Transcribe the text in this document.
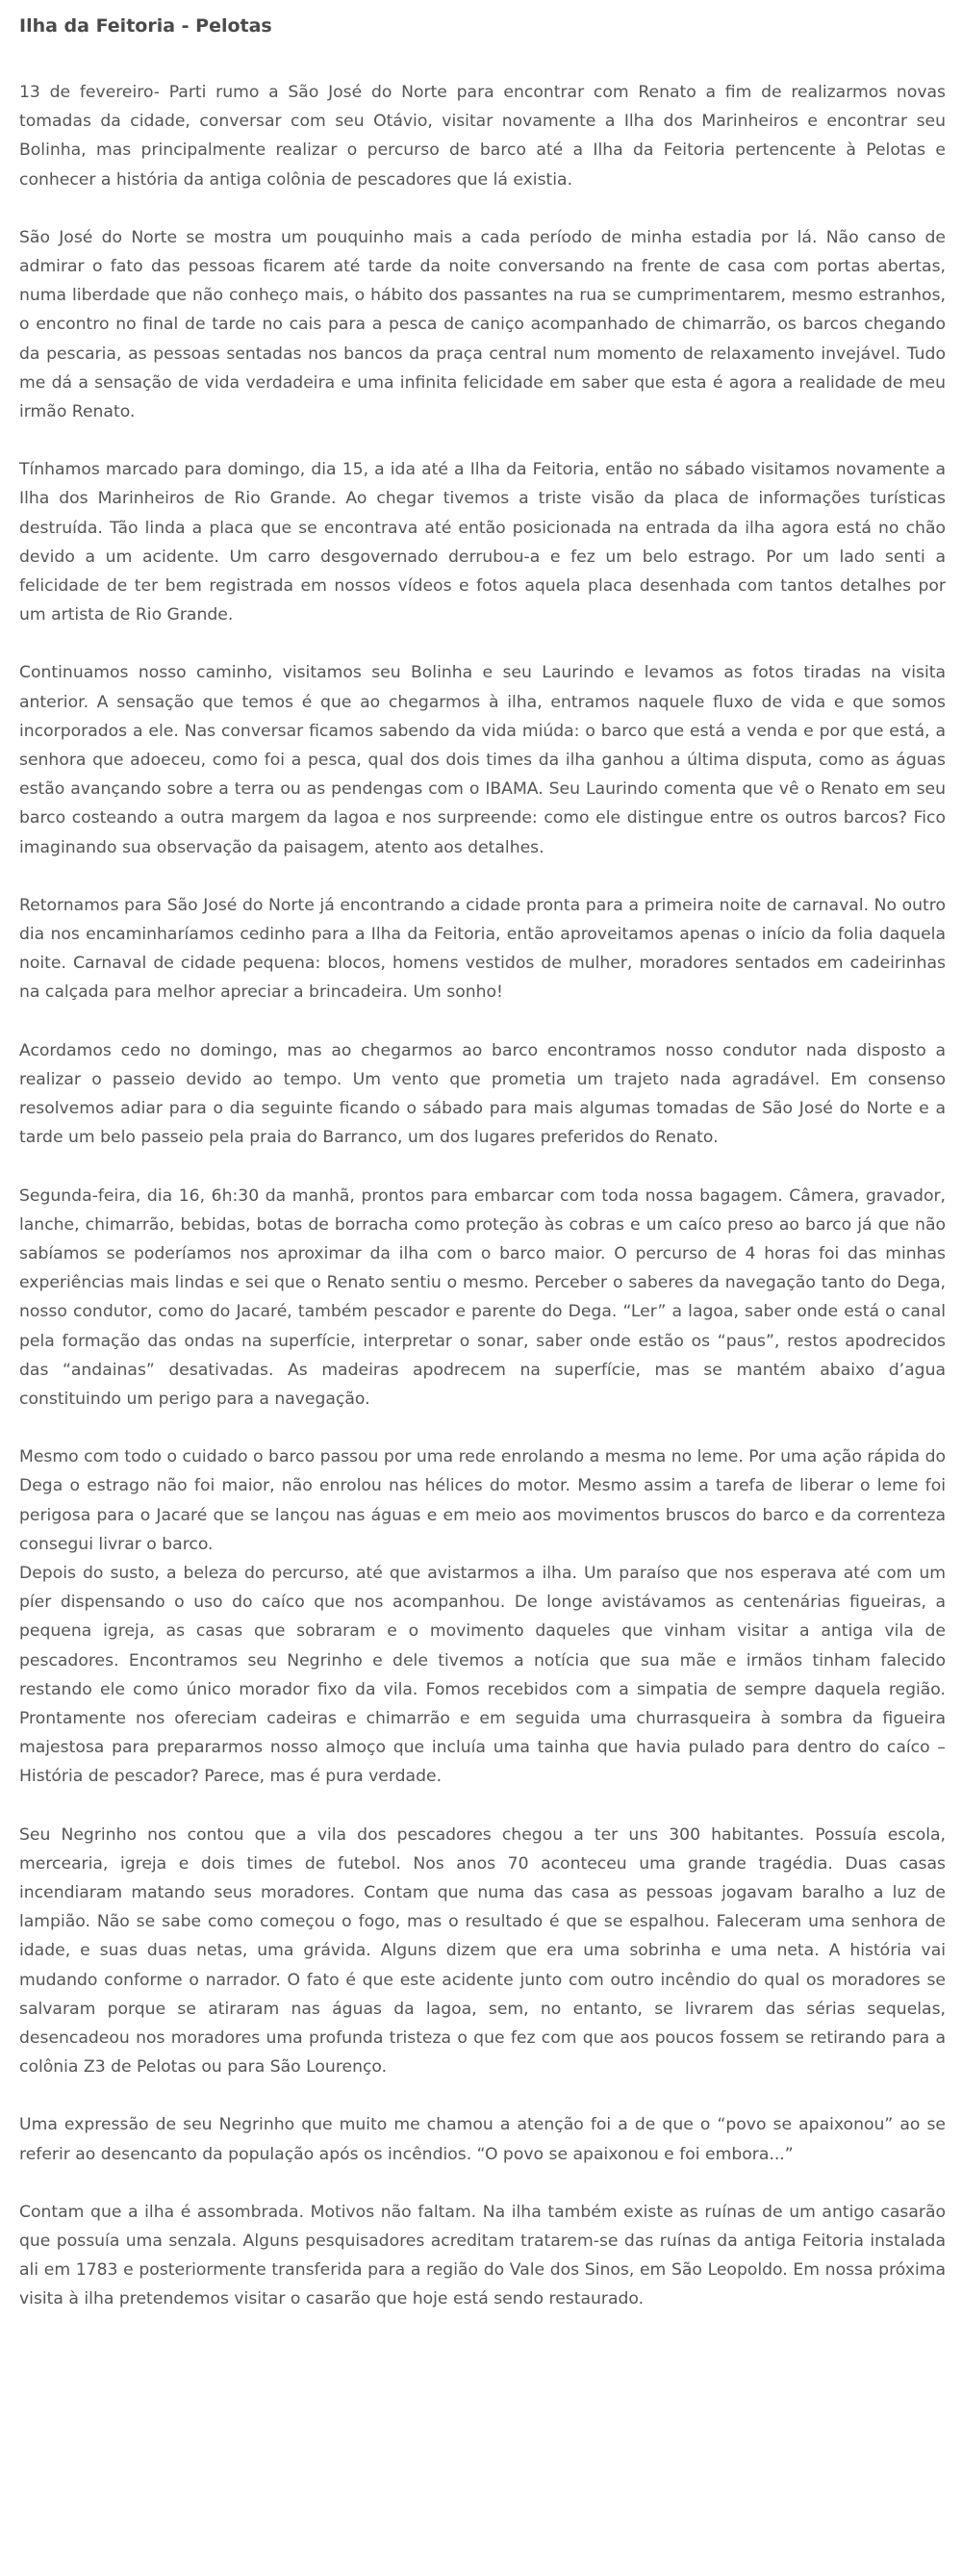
Ilha da Feitoria - Pelotas

13 de fevereiro- Parti rumo a São José do Norte para encontrar com Renato a fim de realizarmos novas tomadas da cidade, conversar com seu Otávio, visitar novamente a Ilha dos Marinheiros e encontrar seu Bolinha, mas principalmente realizar o percurso de barco até a Ilha da Feitoria pertencente à Pelotas e conhecer a história da antiga colônia de pescadores que lá existia.

São José do Norte se mostra um pouquinho mais a cada período de minha estadia por lá. Não canso de admirar o fato das pessoas ficarem até tarde da noite conversando na frente de casa com portas abertas, numa liberdade que não conheço mais, o hábito dos passantes na rua se cumprimentarem, mesmo estranhos, o encontro no final de tarde no cais para a pesca de caniço acompanhado de chimarrão, os barcos chegando da pescaria, as pessoas sentadas nos bancos da praça central num momento de relaxamento invejável. Tudo me dá a sensação de vida verdadeira e uma infinita felicidade em saber que esta é agora a realidade de meu irmão Renato.

Tínhamos marcado para domingo, dia 15, a ida até a Ilha da Feitoria, então no sábado visitamos novamente a Ilha dos Marinheiros de Rio Grande. Ao chegar tivemos a triste visão da placa de informações turísticas destruída. Tão linda a placa que se encontrava até então posicionada na entrada da ilha agora está no chão devido a um acidente. Um carro desgovernado derrubou-a e fez um belo estrago. Por um lado senti a felicidade de ter bem registrada em nossos vídeos e fotos aquela placa desenhada com tantos detalhes por um artista de Rio Grande.

Continuamos nosso caminho, visitamos seu Bolinha e seu Laurindo e levamos as fotos tiradas na visita anterior. A sensação que temos é que ao chegarmos à ilha, entramos naquele fluxo de vida e que somos incorporados a ele. Nas conversar ficamos sabendo da vida miúda: o barco que está a venda e por que está, a senhora que adoeceu, como foi a pesca, qual dos dois times da ilha ganhou a última disputa, como as águas estão avançando sobre a terra ou as pendengas com o IBAMA. Seu Laurindo comenta que vê o Renato em seu barco costeando a outra margem da lagoa e nos surpreende: como ele distingue entre os outros barcos? Fico imaginando sua observação da paisagem, atento aos detalhes.

Retornamos para São José do Norte já encontrando a cidade pronta para a primeira noite de carnaval. No outro dia nos encaminharíamos cedinho para a Ilha da Feitoria, então aproveitamos apenas o início da folia daquela noite. Carnaval de cidade pequena: blocos, homens vestidos de mulher, moradores sentados em cadeirinhas na calçada para melhor apreciar a brincadeira. Um sonho!

Acordamos cedo no domingo, mas ao chegarmos ao barco encontramos nosso condutor nada disposto a realizar o passeio devido ao tempo. Um vento que prometia um trajeto nada agradável. Em consenso resolvemos adiar para o dia seguinte ficando o sábado para mais algumas tomadas de São José do Norte e a tarde um belo passeio pela praia do Barranco, um dos lugares preferidos do Renato.

Segunda-feira, dia 16, 6h:30 da manhã, prontos para embarcar com toda nossa bagagem. Câmera, gravador, lanche, chimarrão, bebidas, botas de borracha como proteção às cobras e um caíco preso ao barco já que não sabíamos se poderíamos nos aproximar da ilha com o barco maior. O percurso de 4 horas foi das minhas experiências mais lindas e sei que o Renato sentiu o mesmo. Perceber o saberes da navegação tanto do Dega, nosso condutor, como do Jacaré, também pescador e parente do Dega. “Ler” a lagoa, saber onde está o canal pela formação das ondas na superfície, interpretar o sonar, saber onde estão os “paus”, restos apodrecidos das “andainas” desativadas. As madeiras apodrecem na superfície, mas se mantém abaixo d’agua constituindo um perigo para a navegação.

Mesmo com todo o cuidado o barco passou por uma rede enrolando a mesma no leme. Por uma ação rápida do Dega o estrago não foi maior, não enrolou nas hélices do motor. Mesmo assim a tarefa de liberar o leme foi perigosa para o Jacaré que se lançou nas águas e em meio aos movimentos bruscos do barco e da correnteza consegui livrar o barco.

Depois do susto, a beleza do percurso, até que avistarmos a ilha. Um paraíso que nos esperava até com um píer dispensando o uso do caíco que nos acompanhou. De longe avistávamos as centenárias figueiras, a pequena igreja, as casas que sobraram e o movimento daqueles que vinham visitar a antiga vila de pescadores. Encontramos seu Negrinho e dele tivemos a notícia que sua mãe e irmãos tinham falecido restando ele como único morador fixo da vila. Fomos recebidos com a simpatia de sempre daquela região. Prontamente nos ofereciam cadeiras e chimarrão e em seguida uma churrasqueira à sombra da figueira majestosa para prepararmos nosso almoço que incluía uma tainha que havia pulado para dentro do caíco – História de pescador? Parece, mas é pura verdade.

Seu Negrinho nos contou que a vila dos pescadores chegou a ter uns 300 habitantes. Possuía escola, mercearia, igreja e dois times de futebol. Nos anos 70 aconteceu uma grande tragédia. Duas casas incendiaram matando seus moradores. Contam que numa das casa as pessoas jogavam baralho a luz de lampião. Não se sabe como começou o fogo, mas o resultado é que se espalhou. Faleceram uma senhora de idade, e suas duas netas, uma grávida. Alguns dizem que era uma sobrinha e uma neta. A história vai mudando conforme o narrador. O fato é que este acidente junto com outro incêndio do qual os moradores se salvaram porque se atiraram nas águas da lagoa, sem, no entanto, se livrarem das sérias sequelas, desencadeou nos moradores uma profunda tristeza o que fez com que aos poucos fossem se retirando para a colônia Z3 de Pelotas ou para São Lourenço.

Uma expressão de seu Negrinho que muito me chamou a atenção foi a de que o “povo se apaixonou” ao se referir ao desencanto da população após os incêndios. “O povo se apaixonou e foi embora...”

Contam que a ilha é assombrada. Motivos não faltam. Na ilha também existe as ruínas de um antigo casarão que possuía uma senzala. Alguns pesquisadores acreditam tratarem-se das ruínas da antiga Feitoria instalada ali em 1783 e posteriormente transferida para a região do Vale dos Sinos, em São Leopoldo. Em nossa próxima visita à ilha pretendemos visitar o casarão que hoje está sendo restaurado.
